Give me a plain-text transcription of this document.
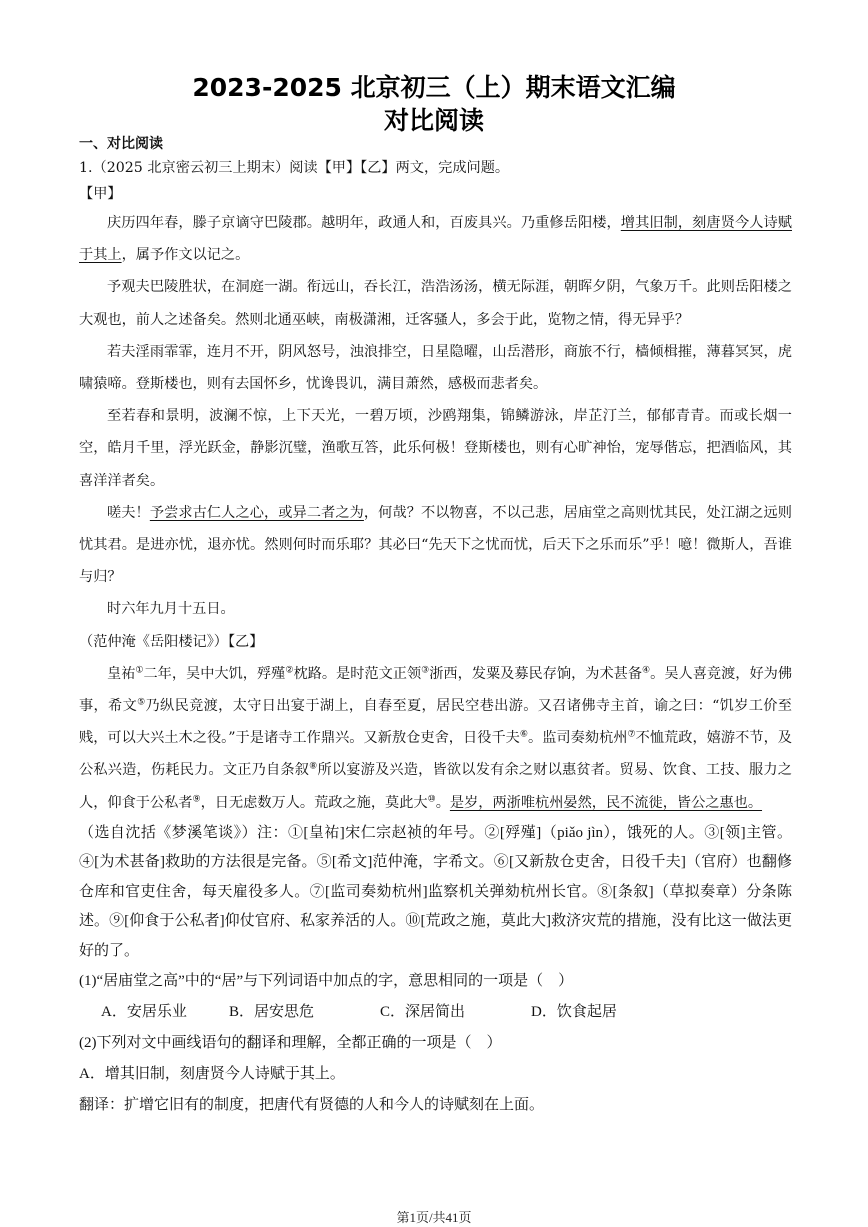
2023-2025 北京初三（上）期末语文汇编
对比阅读
一、对比阅读
1.（2025 北京密云初三上期末）阅读【甲】【乙】两文，完成问题。
【甲】
庆历四年春，滕子京谪守巴陵郡。越明年，政通人和，百废具兴。乃重修岳阳楼，增其旧制，刻唐贤今人诗赋于其上，属予作文以记之。
予观夫巴陵胜状，在洞庭一湖。衔远山，吞长江，浩浩汤汤，横无际涯，朝晖夕阴，气象万千。此则岳阳楼之大观也，前人之述备矣。然则北通巫峡，南极潇湘，迁客骚人，多会于此，览物之情，得无异乎？
若夫淫雨霏霏，连月不开，阴风怒号，浊浪排空，日星隐曜，山岳潜形，商旅不行，樯倾楫摧，薄暮冥冥，虎啸猿啼。登斯楼也，则有去国怀乡，忧谗畏讥，满目萧然，感极而悲者矣。
至若春和景明，波澜不惊，上下天光，一碧万顷，沙鸥翔集，锦鳞游泳，岸芷汀兰，郁郁青青。而或长烟一空，皓月千里，浮光跃金，静影沉璧，渔歌互答，此乐何极！登斯楼也，则有心旷神怡，宠辱偕忘，把酒临风，其喜洋洋者矣。
嗟夫！予尝求古仁人之心，或异二者之为，何哉？不以物喜，不以己悲，居庙堂之高则忧其民，处江湖之远则忧其君。是进亦忧，退亦忧。然则何时而乐耶？其必曰“先天下之忧而忧，后天下之乐而乐”乎！噫！微斯人，吾谁与归？
时六年九月十五日。
（范仲淹《岳阳楼记》）【乙】
皇祐①二年，吴中大饥，殍殣②枕路。是时范文正领③浙西，发粟及募民存饷，为术甚备④。吴人喜竞渡，好为佛事，希文⑤乃纵民竞渡，太守日出宴于湖上，自春至夏，居民空巷出游。又召诸佛寺主首，谕之曰：“饥岁工价至贱，可以大兴土木之役。”于是诸寺工作鼎兴。又新敖仓吏舍，日役千夫⑥。监司奏劾杭州⑦不恤荒政，嬉游不节，及公私兴造，伤耗民力。文正乃自条叙⑧所以宴游及兴造，皆欲以发有余之财以惠贫者。贸易、饮食、工技、服力之人，仰食于公私者⑨，日无虑数万人。荒政之施，莫此大⑩。是岁，两浙唯杭州晏然，民不流徙，皆公之惠也。
（选自沈括《梦溪笔谈》）注：①[皇祐]宋仁宗赵祯的年号。②[殍殣]（piǎo jìn），饿死的人。③[领]主管。④[为术甚备]救助的方法很是完备。⑤[希文]范仲淹，字希文。⑥[又新敖仓吏舍，日役千夫]（官府）也翻修仓库和官吏住舍，每天雇役多人。⑦[监司奏劾杭州]监察机关弹劾杭州长官。⑧[条叙]（草拟奏章）分条陈述。⑨[仰食于公私者]仰仗官府、私家养活的人。⑩[荒政之施，莫此大]救济灾荒的措施，没有比这一做法更好的了。
(1)“居庙堂之高”中的“居”与下列词语中加点的字，意思相同的一项是（　）
A．安居乐业	B．居安思危	C．深居简出	D．饮食起居
(2)下列对文中画线语句的翻译和理解，全都正确的一项是（　）
A．增其旧制，刻唐贤今人诗赋于其上。
翻译：扩增它旧有的制度，把唐代有贤德的人和今人的诗赋刻在上面。
第1页/共41页
